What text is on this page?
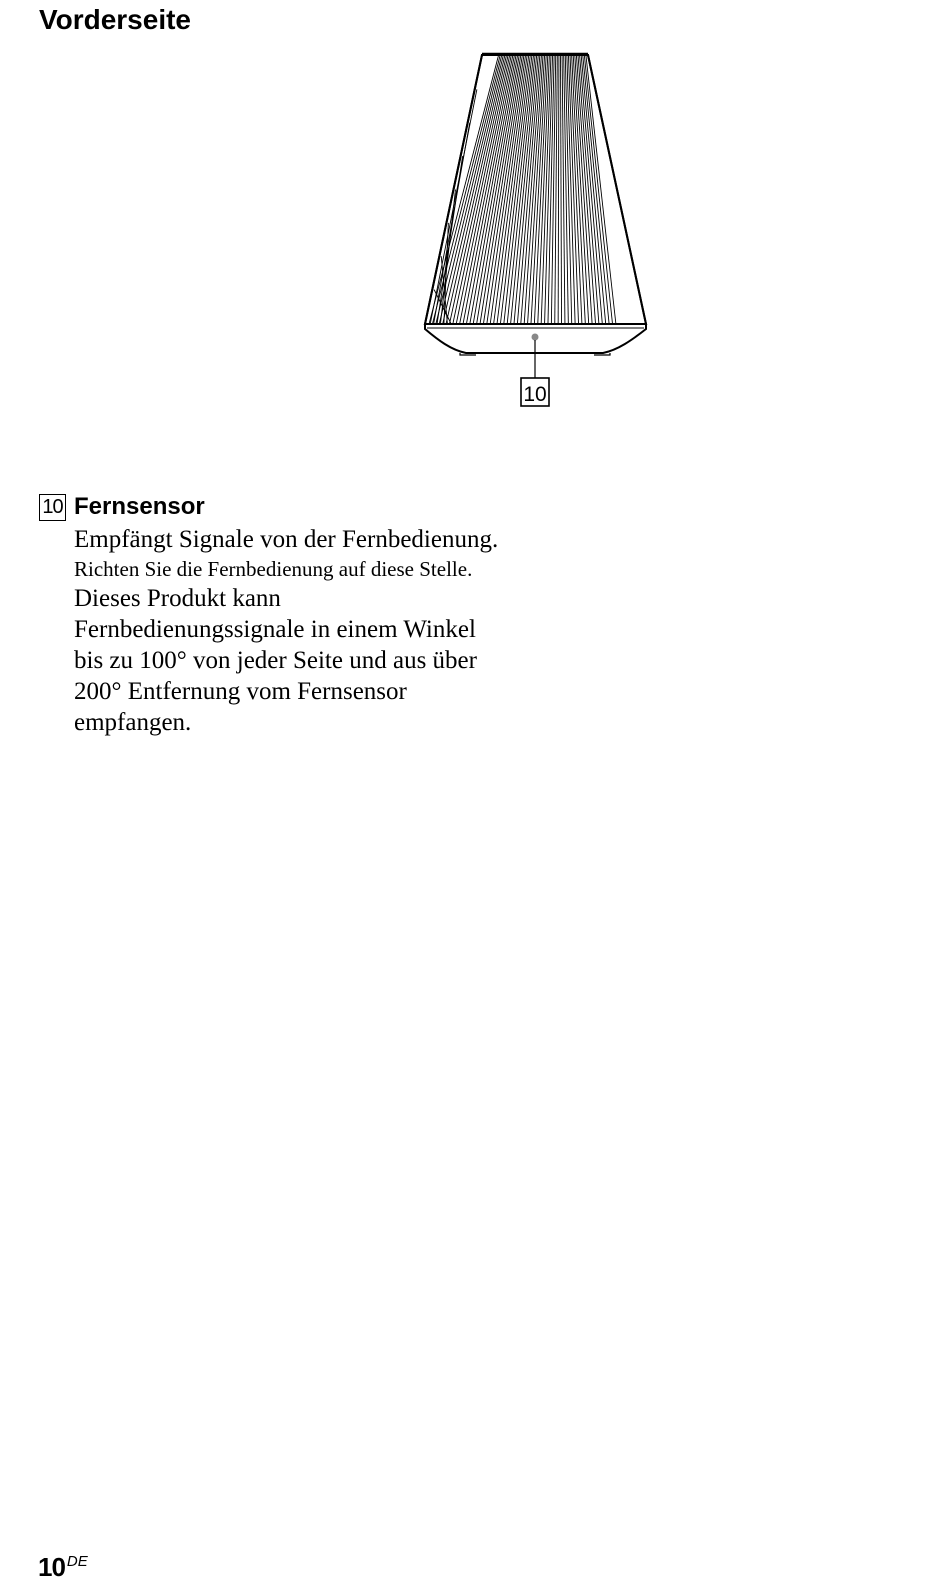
Vorderseite
10
10 Fernsensor

Empfängt Signale von der Fernbedienung.

Richten Sie die Fernbedienung auf diese Stelle.

Dieses Produkt kann

Fernbedienungssignale in einem Winkel

bis zu 100° von jeder Seite und aus über

200° Entfernung vom Fernsensor

empfangen.

10 $^{DE}$
